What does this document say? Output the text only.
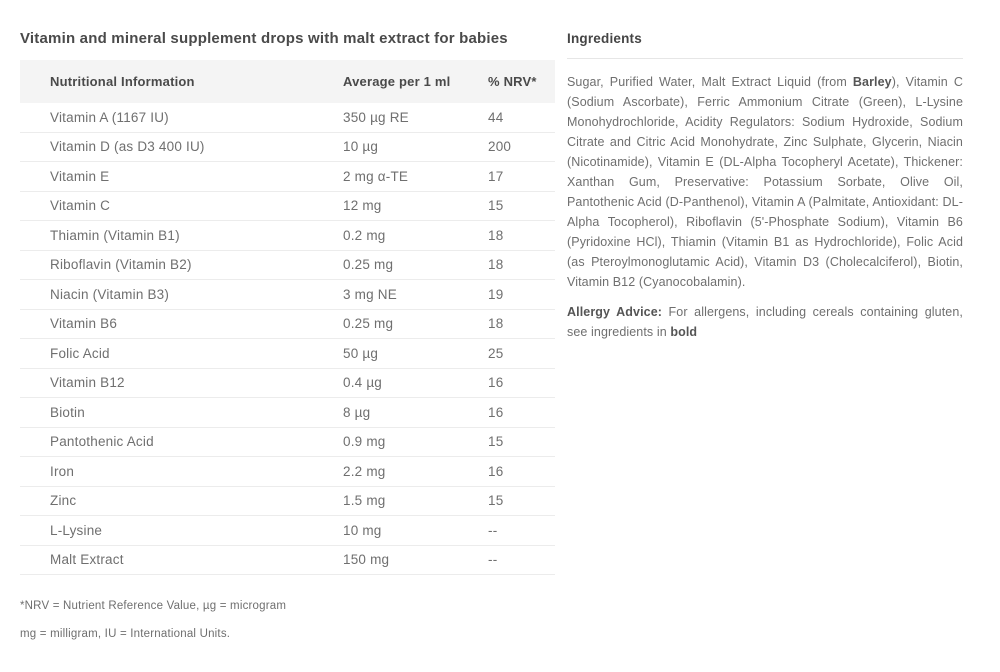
Vitamin and mineral supplement drops with malt extract for babies
Nutritional Information	Average per 1 ml	% NRV*
Vitamin A (1167 IU)	350 µg RE	44
Vitamin D (as D3 400 IU)	10 µg	200
Vitamin E	2 mg α-TE	17
Vitamin C	12 mg	15
Thiamin (Vitamin B1)	0.2 mg	18
Riboflavin (Vitamin B2)	0.25 mg	18
Niacin (Vitamin B3)	3 mg NE	19
Vitamin B6	0.25 mg	18
Folic Acid	50 µg	25
Vitamin B12	0.4 µg	16
Biotin	8 µg	16
Pantothenic Acid	0.9 mg	15
Iron	2.2 mg	16
Zinc	1.5 mg	15
L-Lysine	10 mg	--
Malt Extract	150 mg	--

*NRV = Nutrient Reference Value, µg = microgram

mg = milligram, IU = International Units.

Ingredients

Sugar, Purified Water, Malt Extract Liquid (from Barley), Vitamin C (Sodium Ascorbate), Ferric Ammonium Citrate (Green), L-Lysine Monohydrochloride, Acidity Regulators: Sodium Hydroxide, Sodium Citrate and Citric Acid Monohydrate, Zinc Sulphate, Glycerin, Niacin (Nicotinamide), Vitamin E (DL-Alpha Tocopheryl Acetate), Thickener: Xanthan Gum, Preservative: Potassium Sorbate, Olive Oil, Pantothenic Acid (D-Panthenol), Vitamin A (Palmitate, Antioxidant: DL-Alpha Tocopherol), Riboflavin (5'-Phosphate Sodium), Vitamin B6 (Pyridoxine HCl), Thiamin (Vitamin B1 as Hydrochloride), Folic Acid (as Pteroylmonoglutamic Acid), Vitamin D3 (Cholecalciferol), Biotin, Vitamin B12 (Cyanocobalamin).

Allergy Advice: For allergens, including cereals containing gluten, see ingredients in bold
